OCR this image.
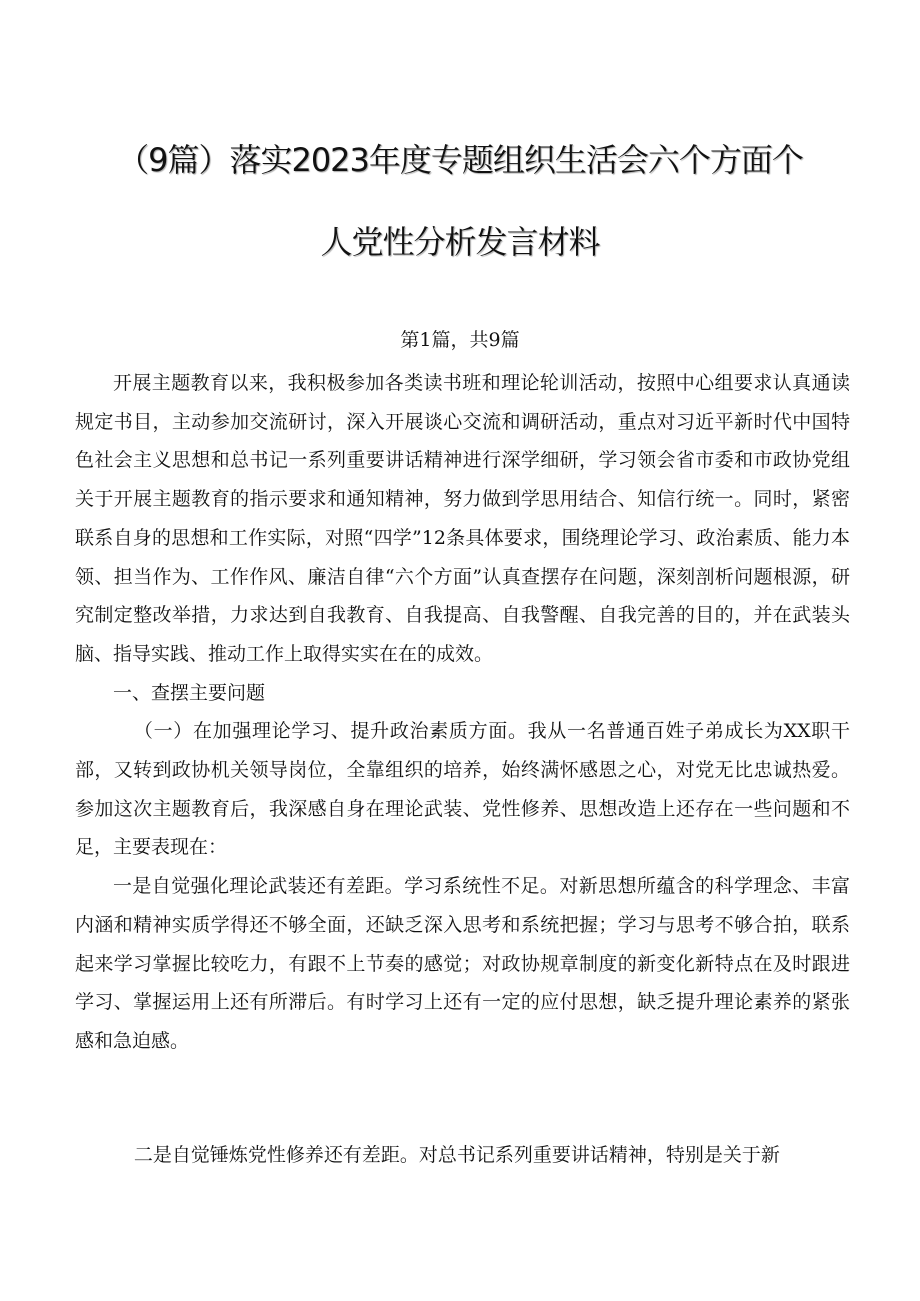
（9篇）落实2023年度专题组织生活会六个方面个
人党性分析发言材料
第1篇，共9篇

开展主题教育以来，我积极参加各类读书班和理论轮训活动，按照中心组要求认真通读规定书目，主动参加交流研讨，深入开展谈心交流和调研活动，重点对习近平新时代中国特色社会主义思想和总书记一系列重要讲话精神进行深学细研，学习领会省市委和市政协党组关于开展主题教育的指示要求和通知精神，努力做到学思用结合、知信行统一。同时，紧密联系自身的思想和工作实际，对照“四学”12条具体要求，围绕理论学习、政治素质、能力本领、担当作为、工作作风、廉洁自律“六个方面”认真查摆存在问题，深刻剖析问题根源，研究制定整改举措，力求达到自我教育、自我提高、自我警醒、自我完善的目的，并在武装头脑、指导实践、推动工作上取得实实在在的成效。

一、查摆主要问题

（一）在加强理论学习、提升政治素质方面。我从一名普通百姓子弟成长为XX职干部，又转到政协机关领导岗位，全靠组织的培养，始终满怀感恩之心，对党无比忠诚热爱。参加这次主题教育后，我深感自身在理论武装、党性修养、思想改造上还存在一些问题和不足，主要表现在：

一是自觉强化理论武装还有差距。学习系统性不足。对新思想所蕴含的科学理念、丰富内涵和精神实质学得还不够全面，还缺乏深入思考和系统把握；学习与思考不够合拍，联系起来学习掌握比较吃力，有跟不上节奏的感觉；对政协规章制度的新变化新特点在及时跟进学习、掌握运用上还有所滞后。有时学习上还有一定的应付思想，缺乏提升理论素养的紧张感和急迫感。

二是自觉锤炼党性修养还有差距。对总书记系列重要讲话精神，特别是关于新
